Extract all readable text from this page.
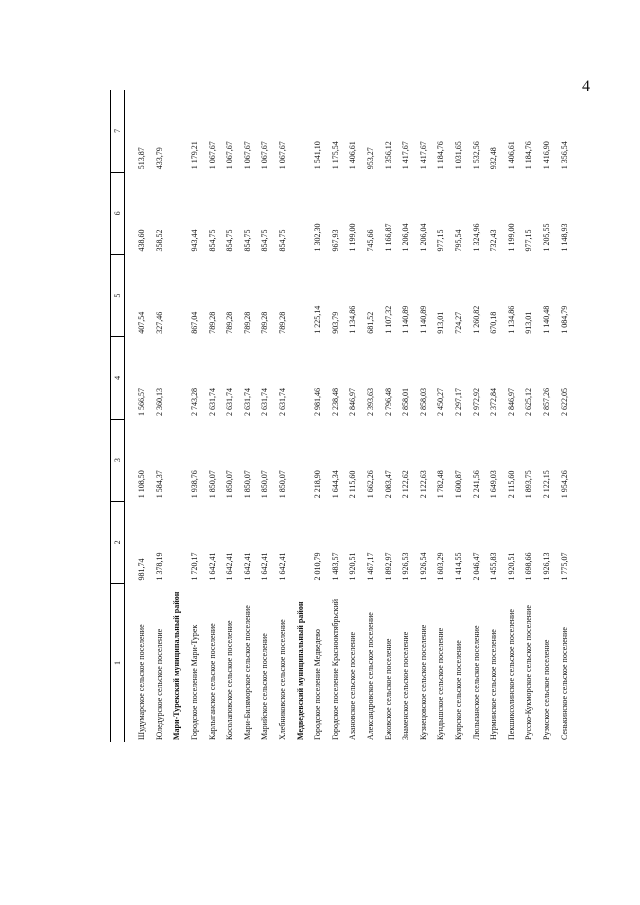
4
1	2	3	4	5	6	7

Шудумарское сельское поселение	981,74	1 108,50	1 566,57	407,54	438,60	513,87
Юледурское сельское поселение	1 378,19	1 584,37	2 360,13	327,46	358,52	433,79
Мари-Турекский муниципальный район						
Городское поселение Мари-Турек	1 720,17	1 938,76	2 743,28	867,04	943,44	1 179,21
Карлыганское сельское поселение	1 642,41	1 850,07	2 631,74	789,28	854,75	1 067,67
Косолаповское сельское поселение	1 642,41	1 850,07	2 631,74	789,28	854,75	1 067,67
Мари-Биляморское сельское поселение	1 642,41	1 850,07	2 631,74	789,28	854,75	1 067,67
Марийское сельское поселение	1 642,41	1 850,07	2 631,74	789,28	854,75	1 067,67
Хлебниковское сельское поселение	1 642,41	1 850,07	2 631,74	789,28	854,75	1 067,67
Медведевский муниципальный район						
Городское поселение Медведево	2 010,79	2 218,90	2 981,46	1 225,14	1 302,30	1 541,10
Городское поселение Краснооктябрьский	1 483,57	1 644,34	2 238,48	903,79	967,93	1 175,54
Азановское сельское поселение	1 920,51	2 115,60	2 846,97	1 134,86	1 199,00	1 406,61
Александровское сельское поселение	1 467,17	1 662,26	2 393,63	681,52	745,66	953,27
Ежовское сельское поселение	1 892,97	2 083,47	2 796,48	1 107,32	1 166,87	1 356,12
Знаменское сельское поселение	1 926,53	2 122,62	2 858,01	1 140,89	1 206,04	1 417,67
Кузнецовское сельское поселение	1 926,54	2 122,63	2 858,03	1 140,89	1 206,04	1 417,67
Кундышское сельское поселение	1 603,29	1 782,48	2 450,27	913,01	977,15	1 184,76
Куярское сельское поселение	1 414,55	1 600,87	2 297,17	724,27	795,54	1 031,65
Люльпанское сельское поселение	2 046,47	2 241,56	2 972,92	1 260,82	1 324,96	1 532,56
Нурминское сельское поселение	1 455,83	1 649,03	2 372,84	670,18	732,43	932,48
Пекшиксолинское сельское поселение	1 920,51	2 115,60	2 846,97	1 134,86	1 199,00	1 406,61
Русско-Кукморское сельское поселение	1 698,66	1 893,75	2 625,12	913,01	977,15	1 184,76
Руэмское сельское поселение	1 926,13	2 122,15	2 857,26	1 140,48	1 205,55	1 416,90
Сенькинское сельское поселение	1 775,07	1 954,26	2 622,05	1 084,79	1 148,93	1 356,54
